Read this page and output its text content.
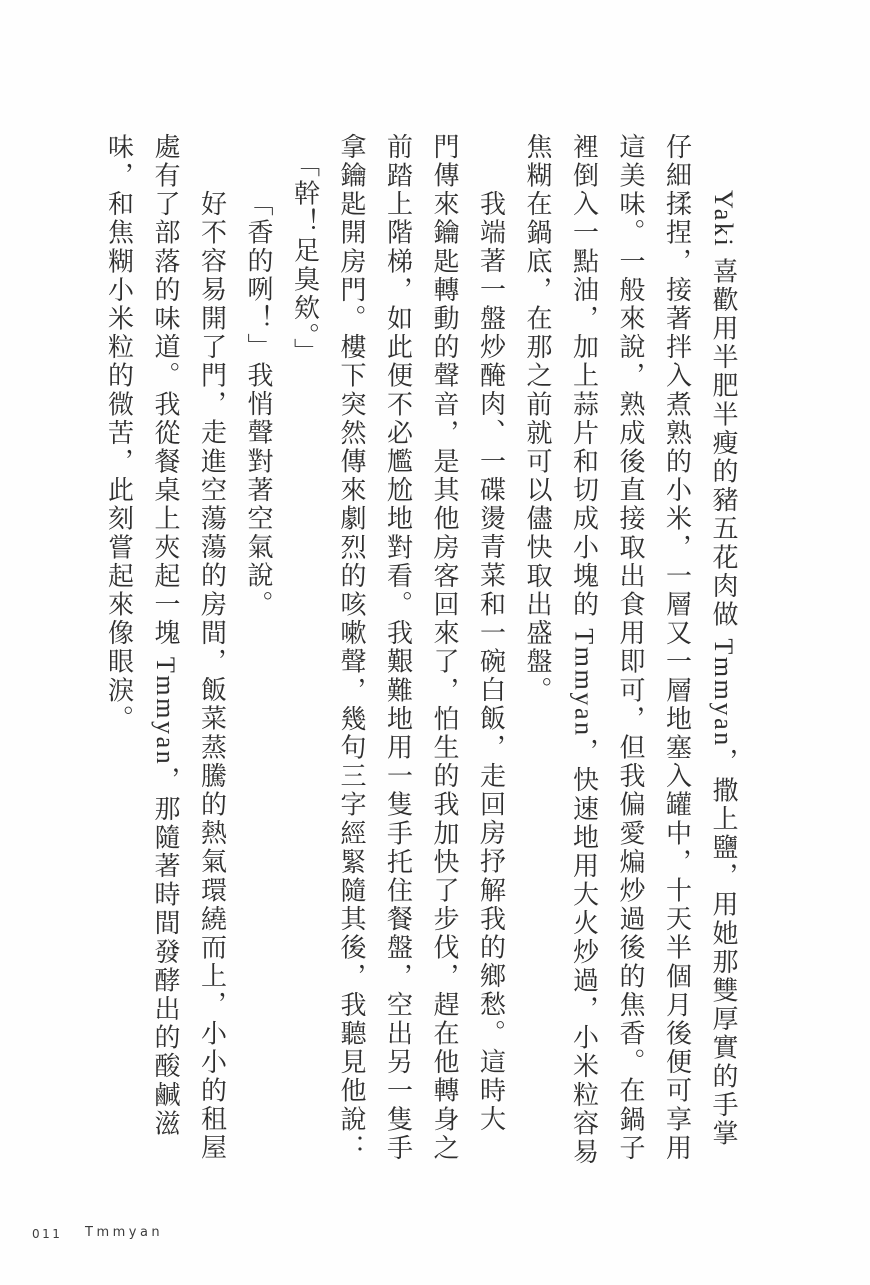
Yaki 喜歡用半肥半瘦的豬五花肉做 Tmmyan，撒上鹽，用她那雙厚實的手掌
仔細揉捏，接著拌入煮熟的小米，一層又一層地塞入罐中，十天半個月後便可享用
這美味。一般來說，熟成後直接取出食用即可，但我偏愛煸炒過後的焦香。在鍋子
裡倒入一點油，加上蒜片和切成小塊的 Tmmyan，快速地用大火炒過，小米粒容易
焦糊在鍋底，在那之前就可以儘快取出盛盤。
我端著一盤炒醃肉、一碟燙青菜和一碗白飯，走回房抒解我的鄉愁。這時大
門傳來鑰匙轉動的聲音，是其他房客回來了，怕生的我加快了步伐，趕在他轉身之
前踏上階梯，如此便不必尷尬地對看。我艱難地用一隻手托住餐盤，空出另一隻手
拿鑰匙開房門。樓下突然傳來劇烈的咳嗽聲，幾句三字經緊隨其後，我聽見他說：
「幹！足臭欸。」
「香的咧！」我悄聲對著空氣說。
好不容易開了門，走進空蕩蕩的房間，飯菜蒸騰的熱氣環繞而上，小小的租屋
處有了部落的味道。我從餐桌上夾起一塊 Tmmyan，那隨著時間發酵出的酸鹹滋
味，和焦糊小米粒的微苦，此刻嘗起來像眼淚。
011 Tmmyan
